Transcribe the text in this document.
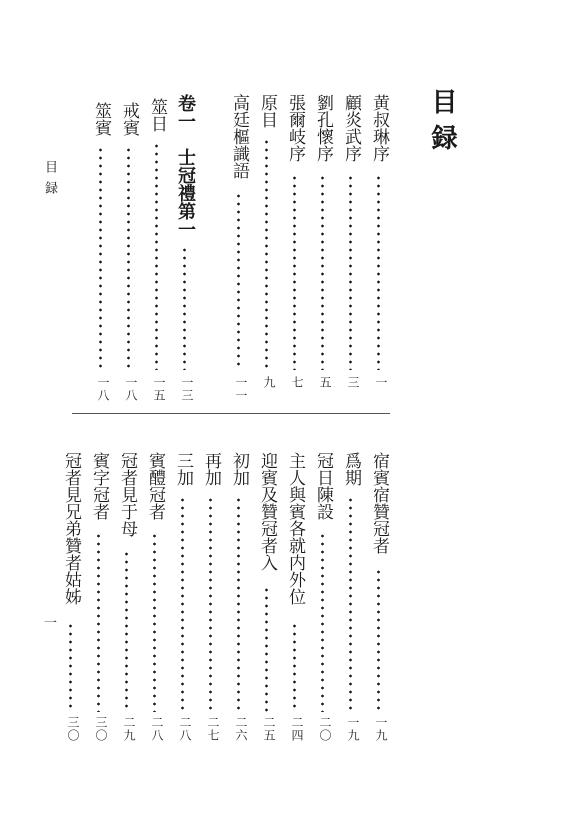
目録
目録
黄叔琳序
一
顧炎武序
三
劉孔懷序
五
張爾岐序
七
原目
九
高廷樞識語
一一
卷一　士冠禮第一
一三
筮日
一五
戒賓
一八
筮賓
一八
宿賓宿贊冠者
一九
爲期
一九
冠日陳設
二〇
主人與賓各就内外位
二四
迎賓及贊冠者入
二五
初加
二六
再加
二七
三加
二八
賓醴冠者
二八
冠者見于母
二九
賓字冠者
三〇
冠者見兄弟贊者姑姊
三〇
一
